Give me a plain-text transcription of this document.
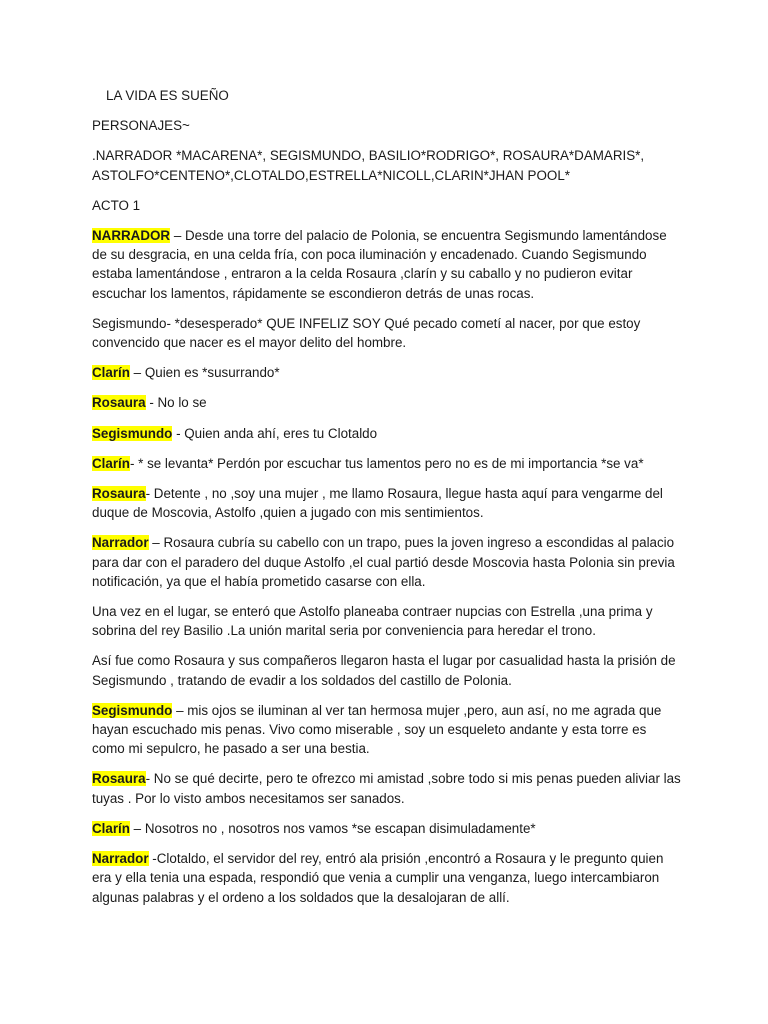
LA VIDA ES SUEÑO

PERSONAJES~

.NARRADOR *MACARENA*, SEGISMUNDO, BASILIO*RODRIGO*, ROSAURA*DAMARIS*, ASTOLFO*CENTENO*,CLOTALDO,ESTRELLA*NICOLL,CLARIN*JHAN POOL*

ACTO 1

NARRADOR – Desde una torre del palacio de Polonia, se encuentra Segismundo lamentándose de su desgracia, en una celda fría, con poca iluminación y encadenado. Cuando Segismundo estaba lamentándose , entraron a la celda Rosaura ,clarín y su caballo y no pudieron evitar escuchar los lamentos, rápidamente se escondieron detrás de unas rocas.

Segismundo- *desesperado* QUE INFELIZ SOY Qué pecado cometí al nacer, por que estoy convencido que nacer es el mayor delito del hombre.

Clarín – Quien es *susurrando*

Rosaura - No lo se

Segismundo - Quien anda ahí, eres tu Clotaldo

Clarín- * se levanta* Perdón por escuchar tus lamentos pero no es de mi importancia *se va*

Rosaura- Detente , no ,soy una mujer , me llamo Rosaura, llegue hasta aquí para vengarme del duque de Moscovia, Astolfo ,quien a jugado con mis sentimientos.

Narrador – Rosaura cubría su cabello con un trapo, pues la joven ingreso a escondidas al palacio para dar con el paradero del duque Astolfo ,el cual partió desde Moscovia hasta Polonia sin previa notificación, ya que el había prometido casarse con ella.

Una vez en el lugar, se enteró que Astolfo planeaba contraer nupcias con Estrella ,una prima y sobrina del rey Basilio .La unión marital seria por conveniencia para heredar el trono.

Así fue como Rosaura y sus compañeros llegaron hasta el lugar por casualidad hasta la prisión de Segismundo , tratando de evadir a los soldados del castillo de Polonia.

Segismundo – mis ojos se iluminan al ver tan hermosa mujer ,pero, aun así, no me agrada que hayan escuchado mis penas. Vivo como miserable , soy un esqueleto andante y esta torre es como mi sepulcro, he pasado a ser una bestia.

Rosaura- No se qué decirte, pero te ofrezco mi amistad ,sobre todo si mis penas pueden aliviar las tuyas . Por lo visto ambos necesitamos ser sanados.

Clarín – Nosotros no , nosotros nos vamos *se escapan disimuladamente*

Narrador -Clotaldo, el servidor del rey, entró ala prisión ,encontró a Rosaura y le pregunto quien era y ella tenia una espada, respondió que venia a cumplir una venganza, luego intercambiaron algunas palabras y el ordeno a los soldados que la desalojaran de allí.
